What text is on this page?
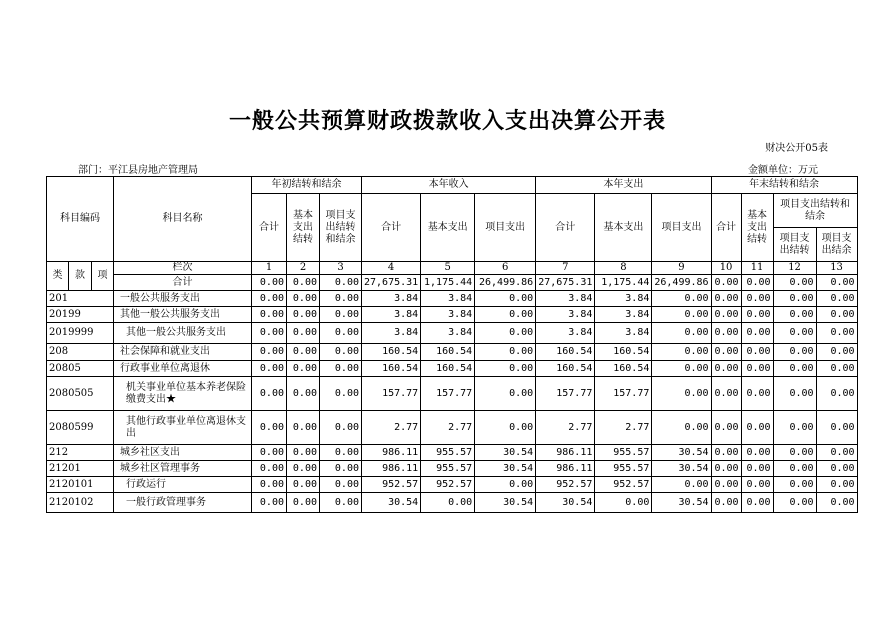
一般公共预算财政拨款收入支出决算公开表
财决公开05表
部门：平江县房地产管理局	金额单位：万元
科目编码			科目名称	年初结转和结余			本年收入			本年支出			年末结转和结余			
				合计	基本支出结转	项目支出结转和结余	合计	基本支出	项目支出	合计	基本支出	项目支出	合计	基本支出结转	项目支出结转和结余	
															项目支出结转	项目支出结余
类	款	项	栏次	1	2	3	4	5	6	7	8	9	10	11	12	13
			合计	0.00	0.00	0.00	27,675.31	1,175.44	26,499.86	27,675.31	1,175.44	26,499.86	0.00	0.00	0.00	0.00
201			一般公共服务支出	0.00	0.00	0.00	3.84	3.84	0.00	3.84	3.84	0.00	0.00	0.00	0.00	0.00
20199			其他一般公共服务支出	0.00	0.00	0.00	3.84	3.84	0.00	3.84	3.84	0.00	0.00	0.00	0.00	0.00
2019999			其他一般公共服务支出	0.00	0.00	0.00	3.84	3.84	0.00	3.84	3.84	0.00	0.00	0.00	0.00	0.00
208			社会保障和就业支出	0.00	0.00	0.00	160.54	160.54	0.00	160.54	160.54	0.00	0.00	0.00	0.00	0.00
20805			行政事业单位离退休	0.00	0.00	0.00	160.54	160.54	0.00	160.54	160.54	0.00	0.00	0.00	0.00	0.00
2080505			机关事业单位基本养老保险缴费支出★	0.00	0.00	0.00	157.77	157.77	0.00	157.77	157.77	0.00	0.00	0.00	0.00	0.00
2080599			其他行政事业单位离退休支出	0.00	0.00	0.00	2.77	2.77	0.00	2.77	2.77	0.00	0.00	0.00	0.00	0.00
212			城乡社区支出	0.00	0.00	0.00	986.11	955.57	30.54	986.11	955.57	30.54	0.00	0.00	0.00	0.00
21201			城乡社区管理事务	0.00	0.00	0.00	986.11	955.57	30.54	986.11	955.57	30.54	0.00	0.00	0.00	0.00
2120101			行政运行	0.00	0.00	0.00	952.57	952.57	0.00	952.57	952.57	0.00	0.00	0.00	0.00	0.00
2120102			一般行政管理事务	0.00	0.00	0.00	30.54	0.00	30.54	30.54	0.00	30.54	0.00	0.00	0.00	0.00
